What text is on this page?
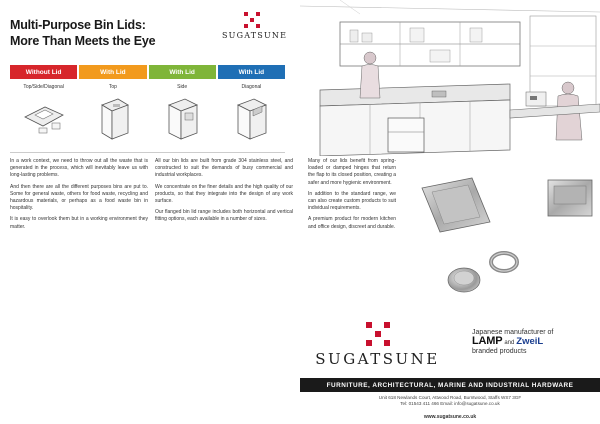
Multi-Purpose Bin Lids:
More Than Meets the Eye	SUGATSUNE
Without Lid	With Lid	With Lid	With Lid
Top/Side/Diagonal	Top	Side	Diagonal

In a work context, we need to throw out all the waste that is generated in the process, which will inevitably leave us with long-lasting problems.

And then there are all the different purposes bins are put to. Some for general waste, others for food waste, recycling and hazardous materials, or perhaps as a food waste bin in hospitality.

It is easy to overlook them but in a working environment they matter.

All our bin lids are built from grade 304 stainless steel, and constructed to suit the demands of busy commercial and industrial workplaces.

We concentrate on the finer details and the high quality of our products, so that they integrate into the design of any work surface.

Our flanged bin lid range includes both horizontal and vertical fitting options, each available in a number of sizes.

Many of our lids benefit from spring-loaded or damped hinges that return the flap to its closed position, creating a safer and more hygienic environment.

In addition to the standard range, we can also create custom products to suit individual requirements.

A premium product for modern kitchen and office design, discreet and durable.

SUGATSUNE
Japanese manufacturer of
LAMP and ZweiL
branded products
FURNITURE, ARCHITECTURAL, MARINE AND INDUSTRIAL HARDWARE
Unit 618 Newlands Court, Attwood Road, Burntwood, Staffs WS7 3GF
Tel: 01543 411 466 Email: info@sugatsune.co.uk
www.sugatsune.co.uk
